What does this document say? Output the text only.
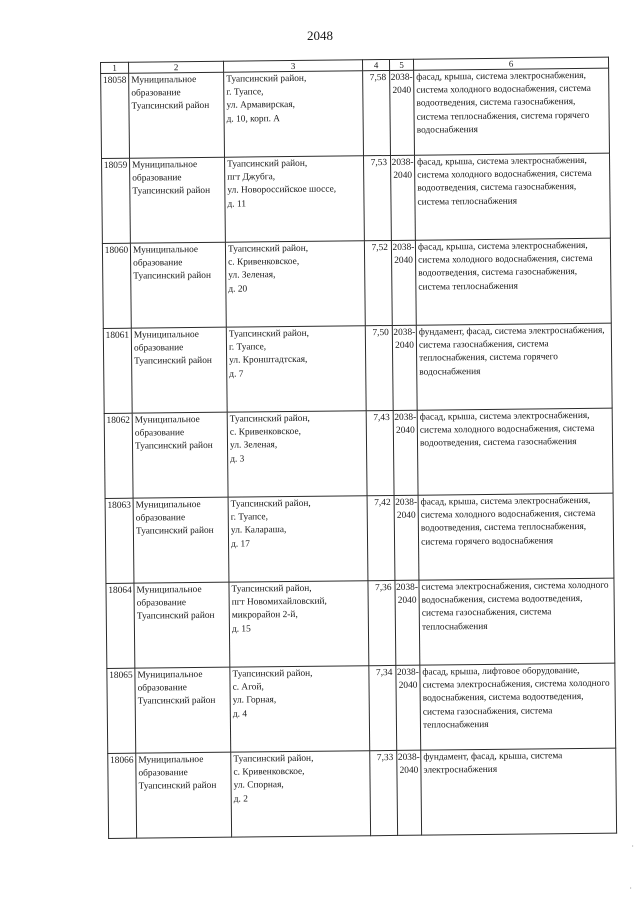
2048
1	2	3	4	5	6
18058	Муниципальное
образование
Туапсинский район	Туапсинский район,
г. Туапсе,
ул. Армавирская,
д. 10, корп. А	7,58	2038-
2040	фасад, крыша, система электроснабжения, система холодного водоснабжения, система водоотведения, система газоснабжения, система теплоснабжения, система горячего водоснабжения
18059	Муниципальное
образование
Туапсинский район	Туапсинский район,
пгт Джубга,
ул. Новороссийское шоссе,
д. 11	7,53	2038-
2040	фасад, крыша, система электроснабжения, система холодного водоснабжения, система водоотведения, система газоснабжения, система теплоснабжения
18060	Муниципальное
образование
Туапсинский район	Туапсинский район,
с. Кривенковское,
ул. Зеленая,
д. 20	7,52	2038-
2040	фасад, крыша, система электроснабжения, система холодного водоснабжения, система водоотведения, система газоснабжения, система теплоснабжения
18061	Муниципальное
образование
Туапсинский район	Туапсинский район,
г. Туапсе,
ул. Кронштадтская,
д. 7	7,50	2038-
2040	фундамент, фасад, система электроснабжения, система газоснабжения, система теплоснабжения, система горячего водоснабжения
18062	Муниципальное
образование
Туапсинский район	Туапсинский район,
с. Кривенковское,
ул. Зеленая,
д. 3	7,43	2038-
2040	фасад, крыша, система электроснабжения, система холодного водоснабжения, система водоотведения, система газоснабжения
18063	Муниципальное
образование
Туапсинский район	Туапсинский район,
г. Туапсе,
ул. Калараша,
д. 17	7,42	2038-
2040	фасад, крыша, система электроснабжения, система холодного водоснабжения, система водоотведения, система теплоснабжения, система горячего водоснабжения
18064	Муниципальное
образование
Туапсинский район	Туапсинский район,
пгт Новомихайловский,
микрорайон 2-й,
д. 15	7,36	2038-
2040	система электроснабжения, система холодного водоснабжения, система водоотведения, система газоснабжения, система теплоснабжения
18065	Муниципальное
образование
Туапсинский район	Туапсинский район,
с. Агой,
ул. Горная,
д. 4	7,34	2038-
2040	фасад, крыша, лифтовое оборудование, система электроснабжения, система холодного водоснабжения, система водоотведения, система газоснабжения, система теплоснабжения
18066	Муниципальное
образование
Туапсинский район	Туапсинский район,
с. Кривенковское,
ул. Спорная,
д. 2	7,33	2038-
2040	фундамент, фасад, крыша, система электроснабжения
·
·
